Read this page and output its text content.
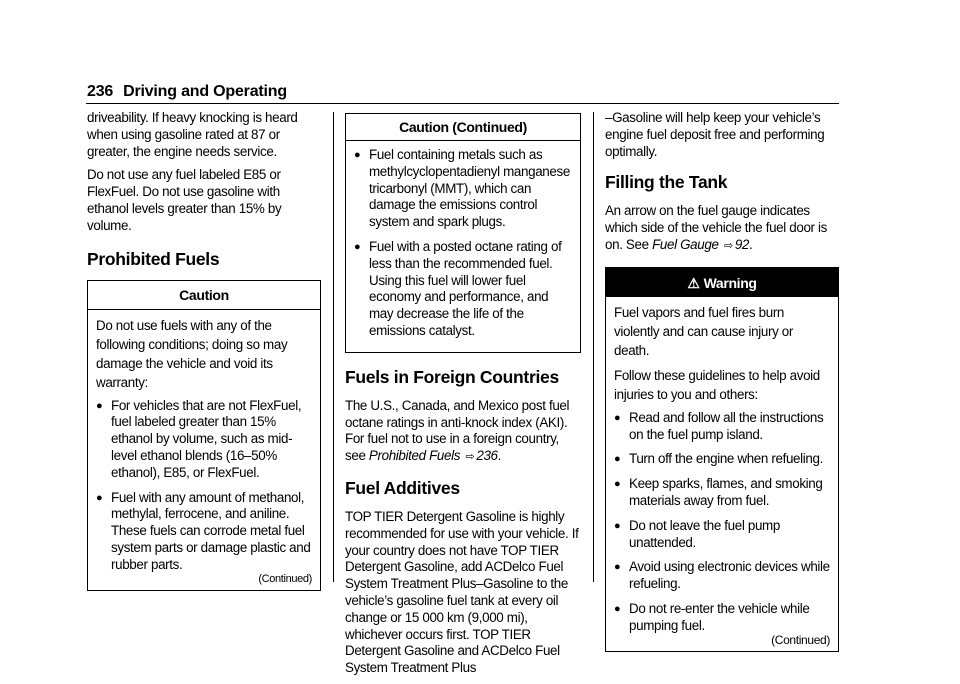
236 Driving and Operating

driveability. If heavy knocking is heard when using gasoline rated at 87 or greater, the engine needs service.

Do not use any fuel labeled E85 or FlexFuel. Do not use gasoline with ethanol levels greater than 15% by volume.

Prohibited Fuels
Caution

Do not use fuels with any of the following conditions; doing so may damage the vehicle and void its warranty:

● For vehicles that are not FlexFuel, fuel labeled greater than 15% ethanol by volume, such as mid-level ethanol blends (16–50% ethanol), E85, or FlexFuel.
● Fuel with any amount of methanol, methylal, ferrocene, and aniline. These fuels can corrode metal fuel system parts or damage plastic and rubber parts.
(Continued)
Caution (Continued)
● Fuel containing metals such as methylcyclopentadienyl manganese tricarbonyl (MMT), which can damage the emissions control system and spark plugs.
● Fuel with a posted octane rating of less than the recommended fuel. Using this fuel will lower fuel economy and performance, and may decrease the life of the emissions catalyst.
Fuels in Foreign Countries

The U.S., Canada, and Mexico post fuel octane ratings in anti-knock index (AKI). For fuel not to use in a foreign country, see Prohibited Fuels ⇨ 236.

Fuel Additives

TOP TIER Detergent Gasoline is highly recommended for use with your vehicle. If your country does not have TOP TIER Detergent Gasoline, add ACDelco Fuel System Treatment Plus–Gasoline to the vehicle’s gasoline fuel tank at every oil change or 15 000 km (9,000 mi), whichever occurs first. TOP TIER Detergent Gasoline and ACDelco Fuel System Treatment Plus

–Gasoline will help keep your vehicle’s engine fuel deposit free and performing optimally.

Filling the Tank

An arrow on the fuel gauge indicates which side of the vehicle the fuel door is on. See Fuel Gauge ⇨ 92.

⚠ Warning

Fuel vapors and fuel fires burn violently and can cause injury or death.

Follow these guidelines to help avoid injuries to you and others:

● Read and follow all the instructions on the fuel pump island.
● Turn off the engine when refueling.
● Keep sparks, flames, and smoking materials away from fuel.
● Do not leave the fuel pump unattended.
● Avoid using electronic devices while refueling.
● Do not re-enter the vehicle while pumping fuel.
(Continued)
